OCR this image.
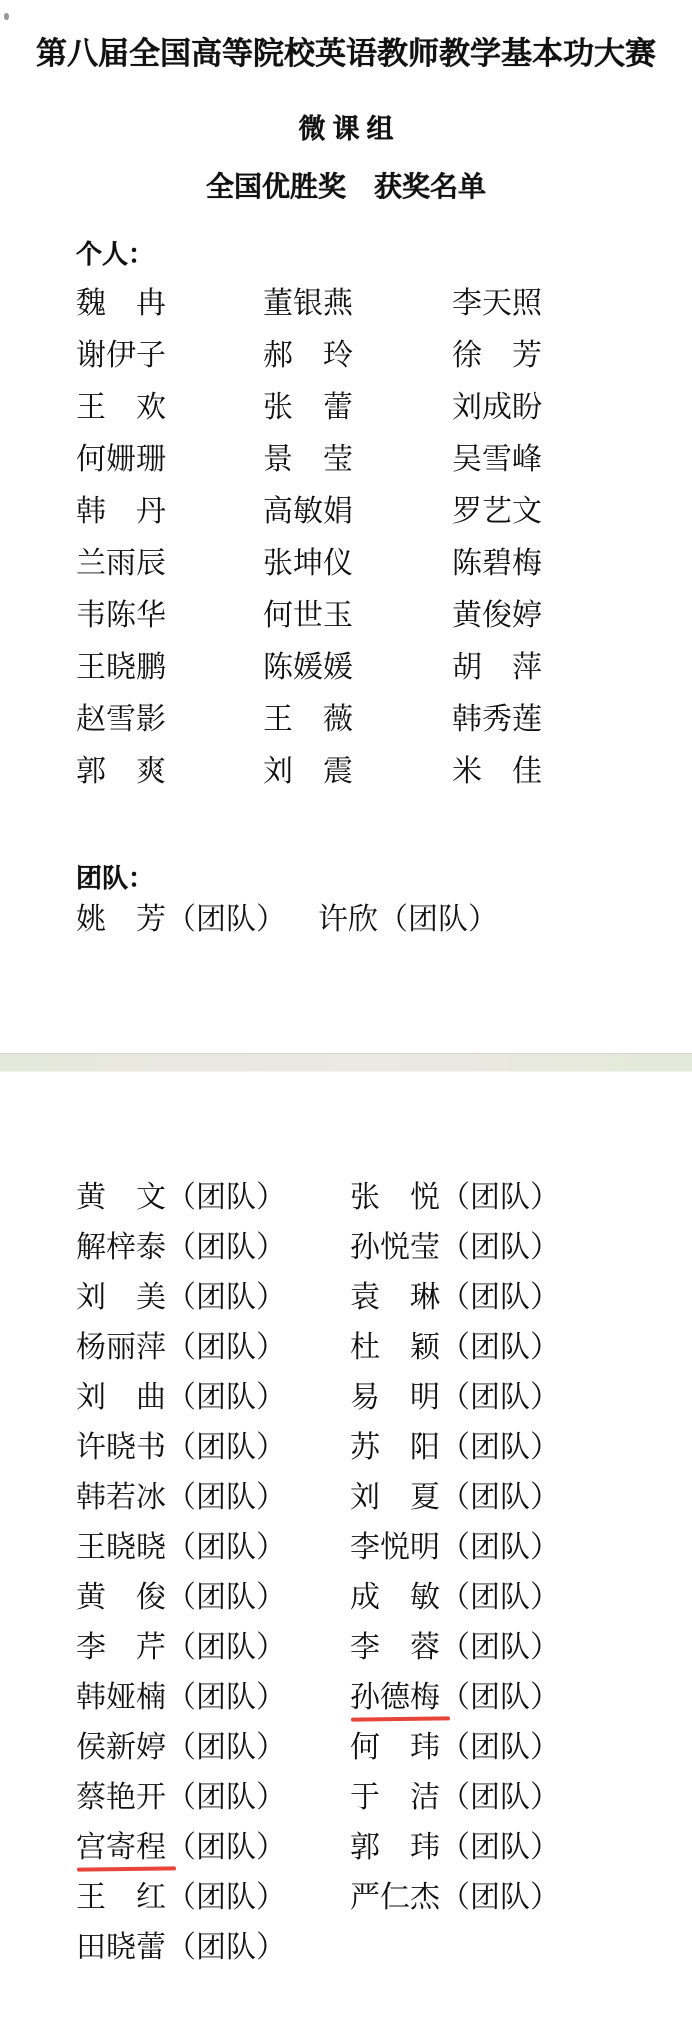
第八届全国高等院校英语教师教学基本功大赛
微课组
全国优胜奖　获奖名单
个人：
魏　冉	董银燕	李天照
谢伊子	郝　玲	徐　芳
王　欢	张　蕾	刘成盼
何姗珊	景　莹	吴雪峰
韩　丹	高敏娟	罗艺文
兰雨辰	张坤仪	陈碧梅
韦陈华	何世玉	黄俊婷
王晓鹏	陈媛媛	胡　萍
赵雪影	王　薇	韩秀莲
郭　爽	刘　震	米　佳
团队：
姚　芳（团队） 许欣（团队）
黄　文（团队） 张　悦（团队）
解梓泰（团队） 孙悦莹（团队）
刘　美（团队） 袁　琳（团队）
杨丽萍（团队） 杜　颖（团队）
刘　曲（团队） 易　明（团队）
许晓书（团队） 苏　阳（团队）
韩若冰（团队） 刘　夏（团队）
王晓晓（团队） 李悦明（团队）
黄　俊（团队） 成　敏（团队）
李　芹（团队） 李　蓉（团队）
韩娅楠（团队） 孙德梅（团队）
侯新婷（团队） 何　玮（团队）
蔡艳开（团队） 于　洁（团队）
宫寄程（团队） 郭　玮（团队）
王　红（团队） 严仁杰（团队）
田晓蕾（团队）
